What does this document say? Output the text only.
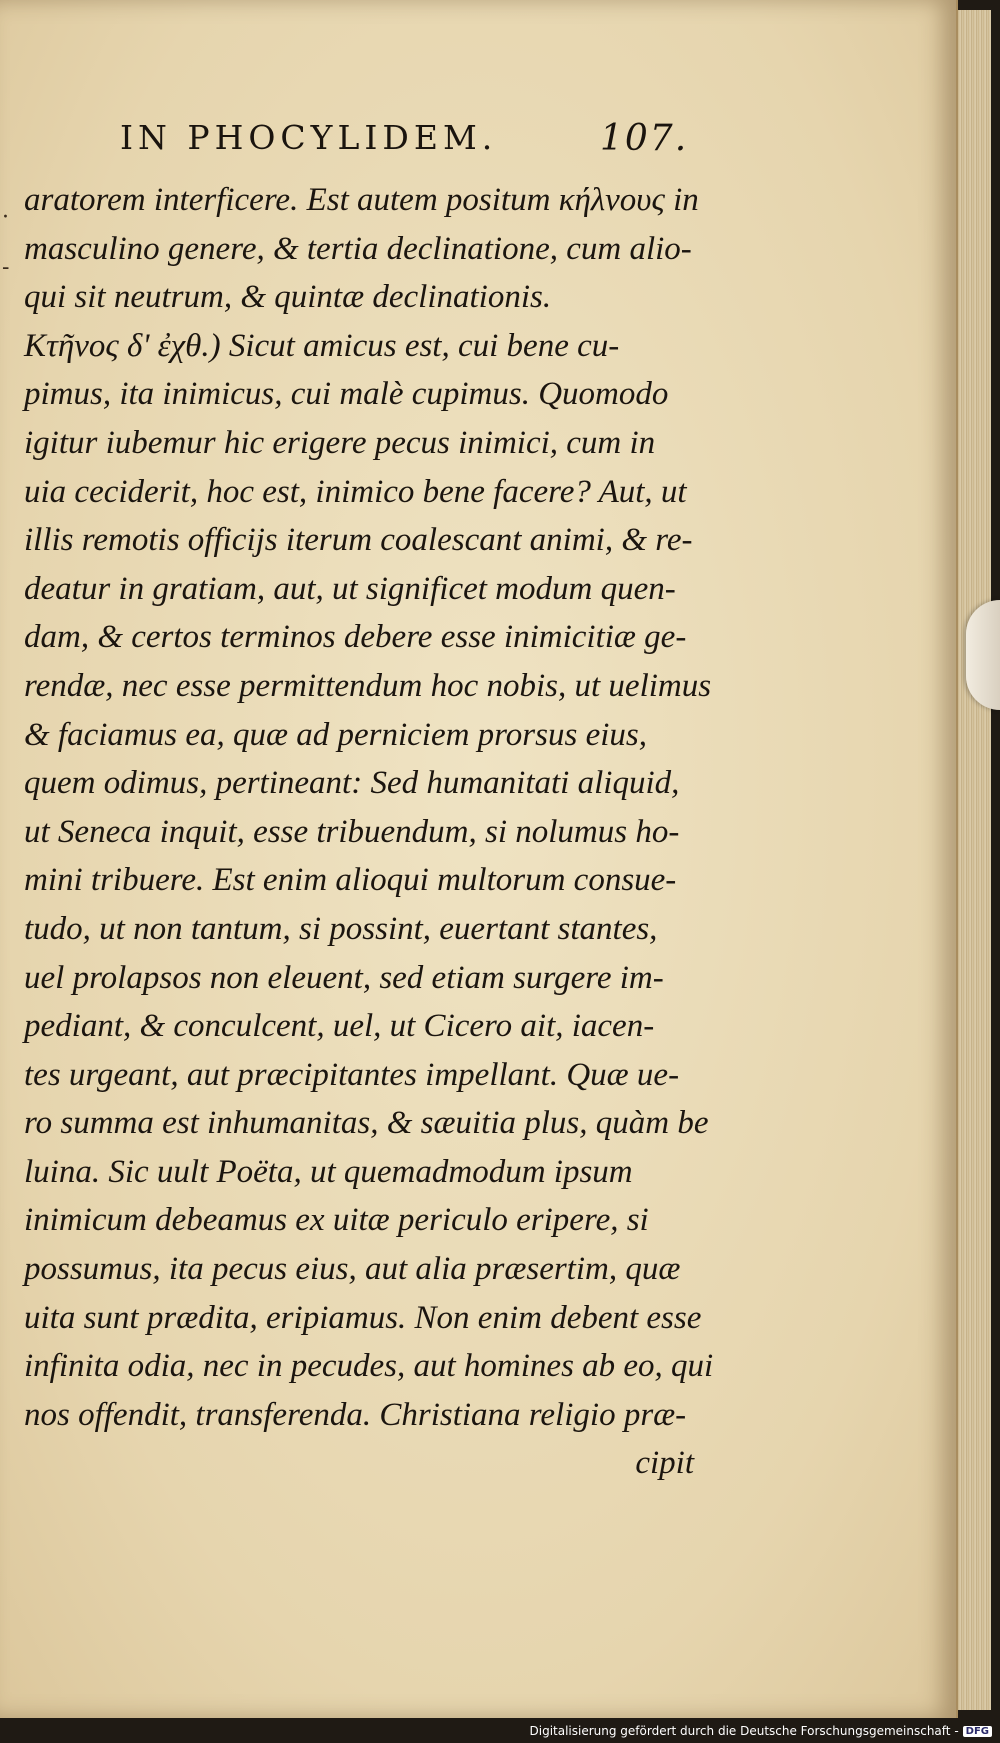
IN PHOCYLIDEM.	107.
·
-
aratorem interficere. Est autem positum κήλνους in
masculino genere, & tertia declinatione, cum alio-
qui sit neutrum, & quintæ declinationis.
Κτῆνος δ' ἐχθ.) Sicut amicus est, cui bene cu-
pimus, ita inimicus, cui malè cupimus. Quomodo
igitur iubemur hic erigere pecus inimici, cum in
uia ceciderit, hoc est, inimico bene facere? Aut, ut
illis remotis officijs iterum coalescant animi, & re-
deatur in gratiam, aut, ut significet modum quen-
dam, & certos terminos debere esse inimicitiæ ge-
rendæ, nec esse permittendum hoc nobis, ut uelimus
& faciamus ea, quæ ad perniciem prorsus eius,
quem odimus, pertineant: Sed humanitati aliquid,
ut Seneca inquit, esse tribuendum, si nolumus ho-
mini tribuere. Est enim alioqui multorum consue-
tudo, ut non tantum, si possint, euertant stantes,
uel prolapsos non eleuent, sed etiam surgere im-
pediant, & conculcent, uel, ut Cicero ait, iacen-
tes urgeant, aut præcipitantes impellant. Quæ ue-
ro summa est inhumanitas, & sæuitia plus, quàm be
luina. Sic uult Poëta, ut quemadmodum ipsum
inimicum debeamus ex uitæ periculo eripere, si
possumus, ita pecus eius, aut alia præsertim, quæ
uita sunt prædita, eripiamus. Non enim debent esse
infinita odia, nec in pecudes, aut homines ab eo, qui
nos offendit, transferenda. Christiana religio præ-
cipit
Digitalisierung gefördert durch die Deutsche Forschungsgemeinschaft - DFG
